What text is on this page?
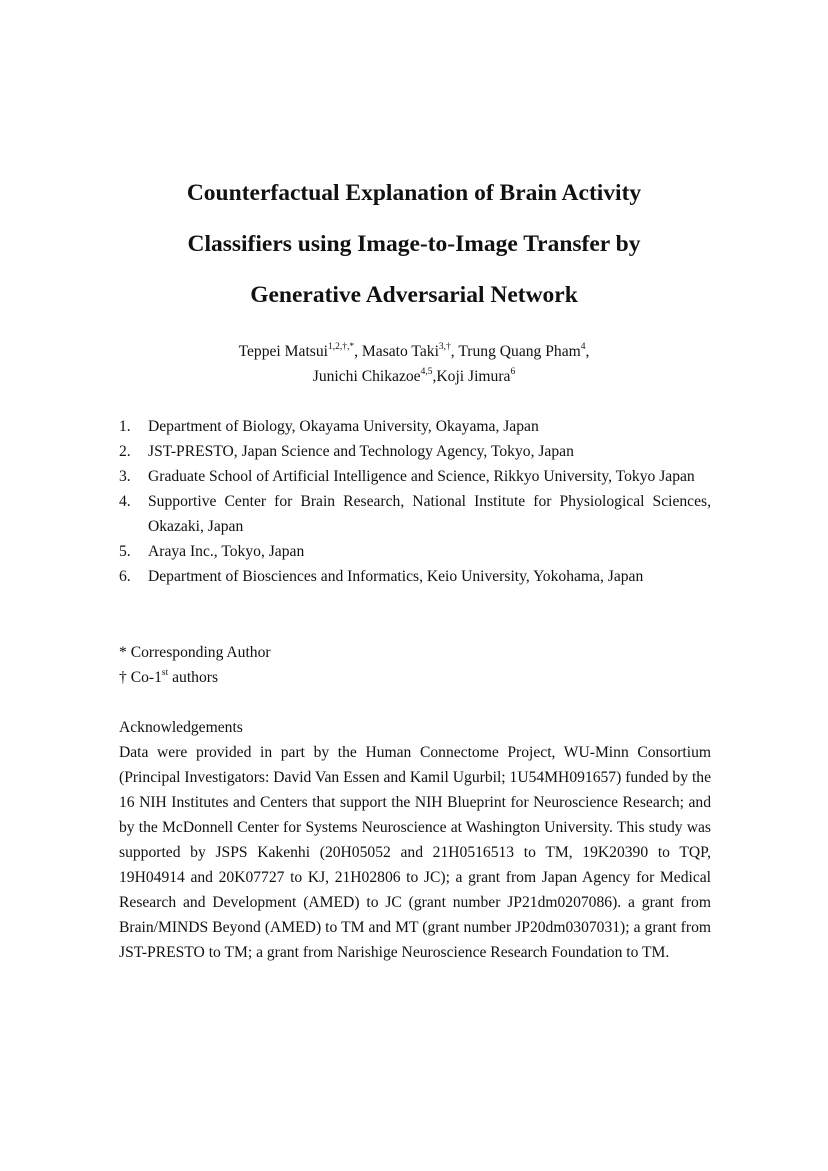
Counterfactual Explanation of Brain Activity
Classifiers using Image-to-Image Transfer by
Generative Adversarial Network
Teppei Matsui$^{1,2,\dagger,*}$, Masato Taki$^{3,\dagger}$, Trung Quang Pham$^4$,
Junichi Chikazoe$^{4,5}$,Koji Jimura$^6$
1. Department of Biology, Okayama University, Okayama, Japan
2. JST-PRESTO, Japan Science and Technology Agency, Tokyo, Japan
3. Graduate School of Artificial Intelligence and Science, Rikkyo University, Tokyo Japan
4. Supportive Center for Brain Research, National Institute for Physiological Sciences, Okazaki, Japan
5. Araya Inc., Tokyo, Japan
6. Department of Biosciences and Informatics, Keio University, Yokohama, Japan
* Corresponding Author
† Co-1st authors
Acknowledgements

Data were provided in part by the Human Connectome Project, WU-Minn Consortium (Principal Investigators: David Van Essen and Kamil Ugurbil; 1U54MH091657) funded by the 16 NIH Institutes and Centers that support the NIH Blueprint for Neuroscience Research; and by the McDonnell Center for Systems Neuroscience at Washington University. This study was supported by JSPS Kakenhi (20H05052 and 21H0516513 to TM, 19K20390 to TQP, 19H04914 and 20K07727 to KJ, 21H02806 to JC); a grant from Japan Agency for Medical Research and Development (AMED) to JC (grant number JP21dm0207086). a grant from Brain/MINDS Beyond (AMED) to TM and MT (grant number JP20dm0307031); a grant from JST-PRESTO to TM; a grant from Narishige Neuroscience Research Foundation to TM.
